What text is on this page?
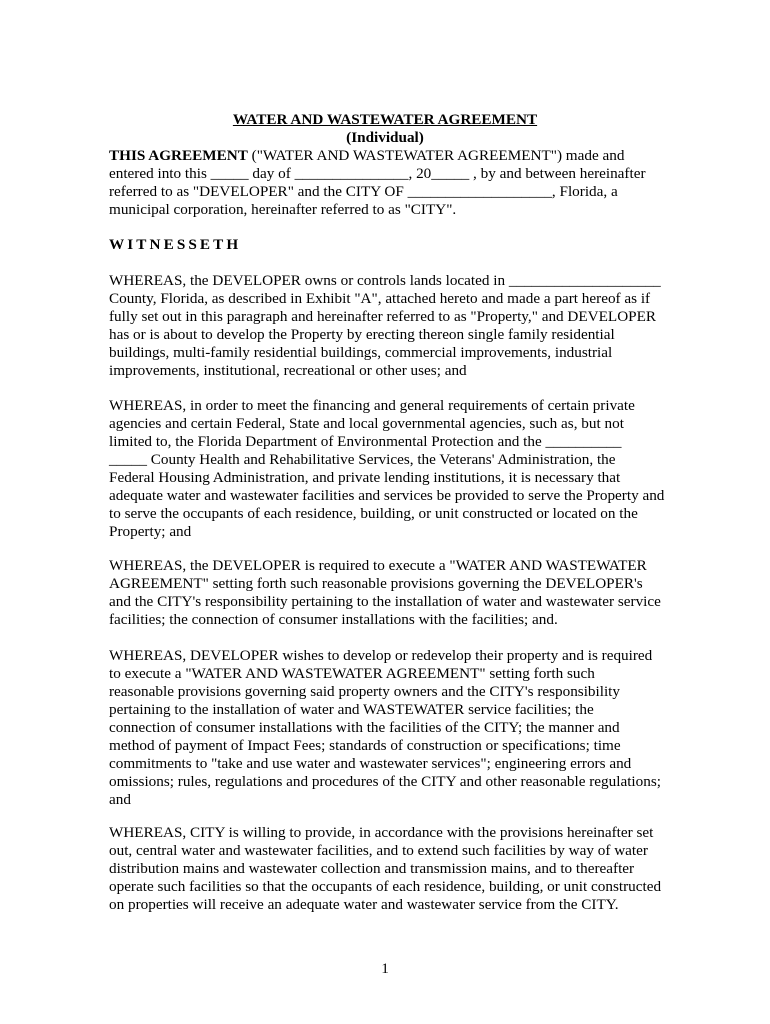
WATER AND WASTEWATER AGREEMENT
(Individual)

THIS AGREEMENT ("WATER AND WASTEWATER AGREEMENT") made and
entered into this _____ day of _______________, 20_____ , by and between hereinafter
referred to as "DEVELOPER" and the CITY OF ___________________, Florida, a
municipal corporation, hereinafter referred to as "CITY".

WITNESSETH

WHEREAS, the DEVELOPER owns or controls lands located in ____________________
County, Florida, as described in Exhibit "A", attached hereto and made a part hereof as if
fully set out in this paragraph and hereinafter referred to as "Property," and DEVELOPER
has or is about to develop the Property by erecting thereon single family residential
buildings, multi-family residential buildings, commercial improvements, industrial
improvements, institutional, recreational or other uses; and

WHEREAS, in order to meet the financing and general requirements of certain private
agencies and certain Federal, State and local governmental agencies, such as, but not
limited to, the Florida Department of Environmental Protection and the __________
_____ County Health and Rehabilitative Services, the Veterans' Administration, the
Federal Housing Administration, and private lending institutions, it is necessary that
adequate water and wastewater facilities and services be provided to serve the Property and
to serve the occupants of each residence, building, or unit constructed or located on the
Property; and

WHEREAS, the DEVELOPER is required to execute a "WATER AND WASTEWATER
AGREEMENT" setting forth such reasonable provisions governing the DEVELOPER's
and the CITY's responsibility pertaining to the installation of water and wastewater service
facilities; the connection of consumer installations with the facilities; and.

WHEREAS, DEVELOPER wishes to develop or redevelop their property and is required
to execute a "WATER AND WASTEWATER AGREEMENT" setting forth such
reasonable provisions governing said property owners and the CITY's responsibility
pertaining to the installation of water and WASTEWATER service facilities; the
connection of consumer installations with the facilities of the CITY; the manner and
method of payment of Impact Fees; standards of construction or specifications; time
commitments to "take and use water and wastewater services"; engineering errors and
omissions; rules, regulations and procedures of the CITY and other reasonable regulations;
and

WHEREAS, CITY is willing to provide, in accordance with the provisions hereinafter set
out, central water and wastewater facilities, and to extend such facilities by way of water
distribution mains and wastewater collection and transmission mains, and to thereafter
operate such facilities so that the occupants of each residence, building, or unit constructed
on properties will receive an adequate water and wastewater service from the CITY.

1
